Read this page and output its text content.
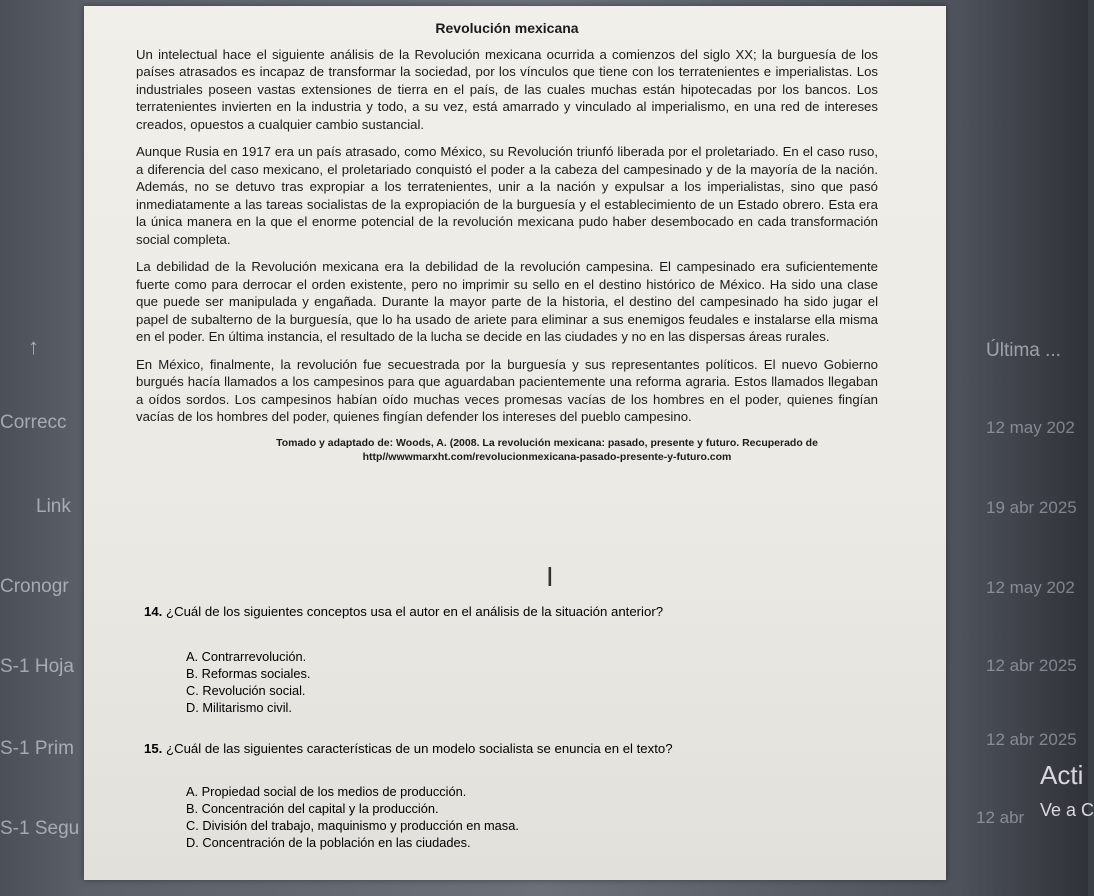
↑
Correcc
Link
Cronogr
S-1 Hoja
S-1 Prim
S-1 Segu
Última ...
12 may 202
19 abr 2025
12 may 202
12 abr 2025
12 abr 2025
12 abr
Acti
Ve a C
Revolución mexicana

Un intelectual hace el siguiente análisis de la Revolución mexicana ocurrida a comienzos del siglo XX; la burguesía de los países atrasados es incapaz de transformar la sociedad, por los vínculos que tiene con los terratenientes e imperialistas. Los industriales poseen vastas extensiones de tierra en el país, de las cuales muchas están hipotecadas por los bancos. Los terratenientes invierten en la industria y todo, a su vez, está amarrado y vinculado al imperialismo, en una red de intereses creados, opuestos a cualquier cambio sustancial.

Aunque Rusia en 1917 era un país atrasado, como México, su Revolución triunfó liberada por el proletariado. En el caso ruso, a diferencia del caso mexicano, el proletariado conquistó el poder a la cabeza del campesinado y de la mayoría de la nación. Además, no se detuvo tras expropiar a los terratenientes, unir a la nación y expulsar a los imperialistas, sino que pasó inmediatamente a las tareas socialistas de la expropiación de la burguesía y el establecimiento de un Estado obrero. Esta era la única manera en la que el enorme potencial de la revolución mexicana pudo haber desembocado en cada transformación social completa.

La debilidad de la Revolución mexicana era la debilidad de la revolución campesina. El campesinado era suficientemente fuerte como para derrocar el orden existente, pero no imprimir su sello en el destino histórico de México. Ha sido una clase que puede ser manipulada y engañada. Durante la mayor parte de la historia, el destino del campesinado ha sido jugar el papel de subalterno de la burguesía, que lo ha usado de ariete para eliminar a sus enemigos feudales e instalarse ella misma en el poder. En última instancia, el resultado de la lucha se decide en las ciudades y no en las dispersas áreas rurales.

En México, finalmente, la revolución fue secuestrada por la burguesía y sus representantes políticos. El nuevo Gobierno burgués hacía llamados a los campesinos para que aguardaban pacientemente una reforma agraria. Estos llamados llegaban a oídos sordos. Los campesinos habían oído muchas veces promesas vacías de los hombres en el poder, quienes fingían vacías de los hombres del poder, quienes fingían defender los intereses del pueblo campesino.

Tomado y adaptado de: Woods, A. (2008. La revolución mexicana: pasado, presente y futuro. Recuperado de
http//wwwmarxht.com/revolucionmexicana-pasado-presente-y-futuro.com
I
14. ¿Cuál de los siguientes conceptos usa el autor en el análisis de la situación anterior?
A. Contrarrevolución.
B. Reformas sociales.
C. Revolución social.
D. Militarismo civil.
15. ¿Cuál de las siguientes características de un modelo socialista se enuncia en el texto?
A. Propiedad social de los medios de producción.
B. Concentración del capital y la producción.
C. División del trabajo, maquinismo y producción en masa.
D. Concentración de la población en las ciudades.
